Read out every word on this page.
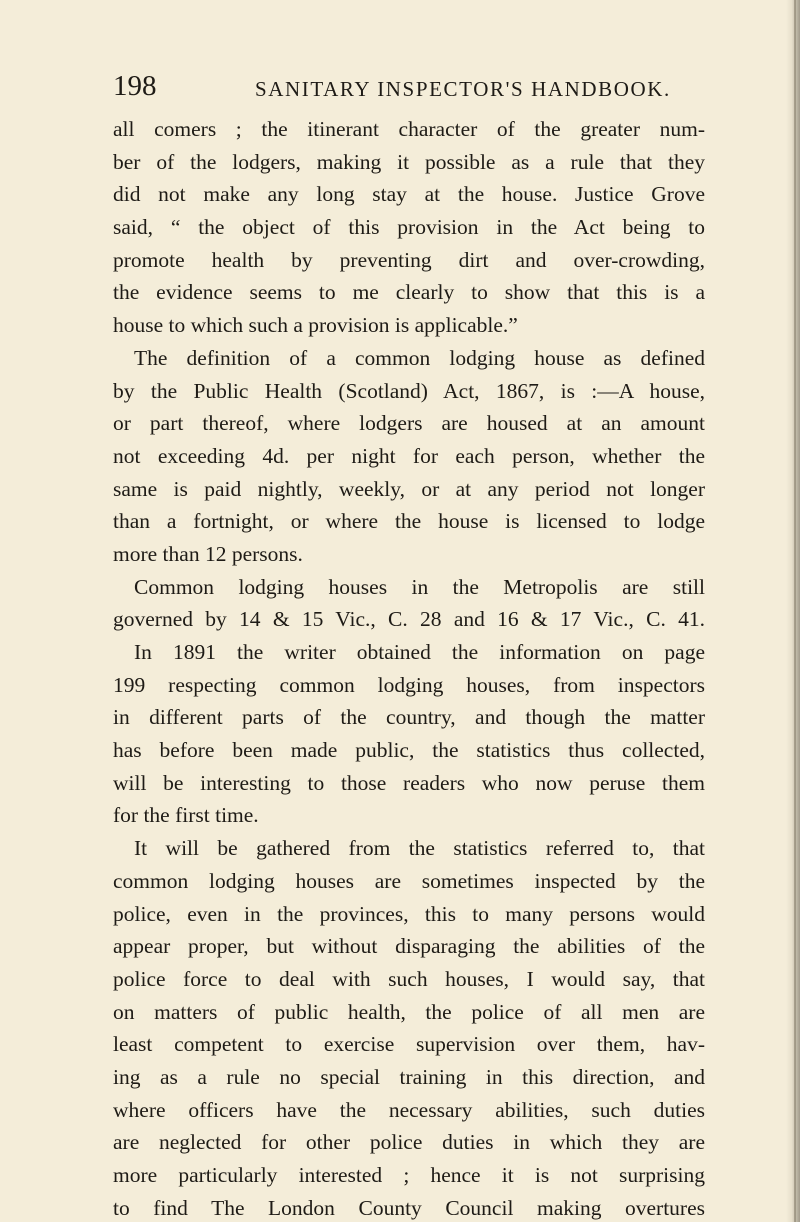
198	SANITARY INSPECTOR'S HANDBOOK.
all comers ; the itinerant character of the greater num-
ber of the lodgers, making it possible as a rule that they
did not make any long stay at the house. Justice Grove
said, “ the object of this provision in the Act being to
promote health by preventing dirt and over-crowding,
the evidence seems to me clearly to show that this is a
house to which such a provision is applicable.”
The definition of a common lodging house as defined
by the Public Health (Scotland) Act, 1867, is :—A house,
or part thereof, where lodgers are housed at an amount
not exceeding 4d. per night for each person, whether the
same is paid nightly, weekly, or at any period not longer
than a fortnight, or where the house is licensed to lodge
more than 12 persons.
Common lodging houses in the Metropolis are still
governed by 14 & 15 Vic., C. 28 and 16 & 17 Vic., C. 41.
In 1891 the writer obtained the information on page
199 respecting common lodging houses, from inspectors
in different parts of the country, and though the matter
has before been made public, the statistics thus collected,
will be interesting to those readers who now peruse them
for the first time.
It will be gathered from the statistics referred to, that
common lodging houses are sometimes inspected by the
police, even in the provinces, this to many persons would
appear proper, but without disparaging the abilities of the
police force to deal with such houses, I would say, that
on matters of public health, the police of all men are
least competent to exercise supervision over them, hav-
ing as a rule no special training in this direction, and
where officers have the necessary abilities, such duties
are neglected for other police duties in which they are
more particularly interested ; hence it is not surprising
to find The London County Council making overtures
